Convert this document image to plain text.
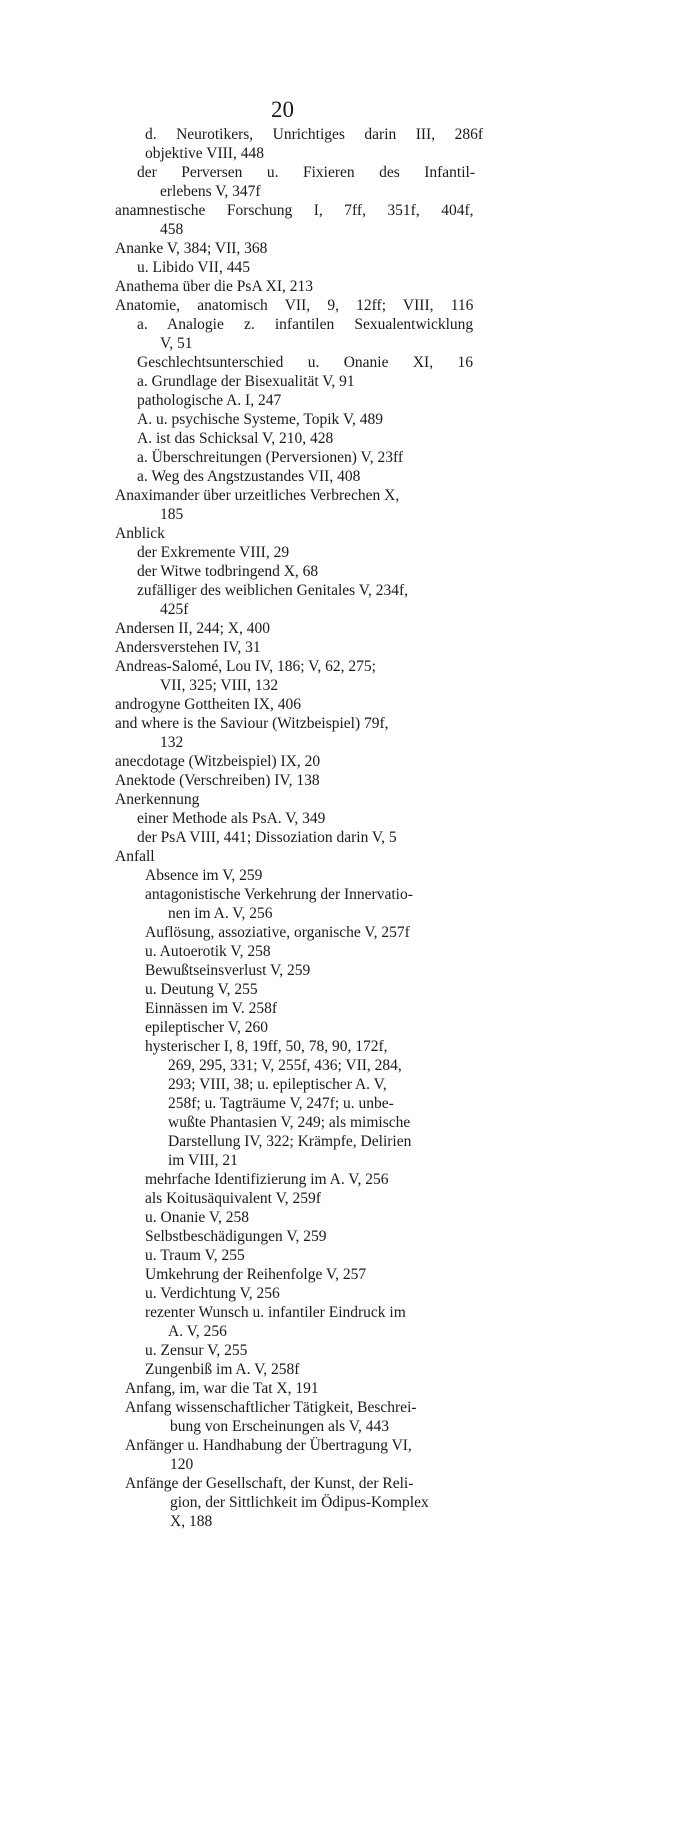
20
d. Neurotikers, Unrichtiges darin III, 286f
objektive VIII, 448
der Perversen u. Fixieren des Infantil-
erlebens V, 347f
anamnestische Forschung I, 7ff, 351f, 404f,
458
Ananke V, 384; VII, 368
u. Libido VII, 445
Anathema über die PsA XI, 213
Anatomie, anatomisch VII, 9, 12ff; VIII, 116
a. Analogie z. infantilen Sexualentwicklung
V, 51
Geschlechtsunterschied u. Onanie XI, 16
a. Grundlage der Bisexualität V, 91
pathologische A. I, 247
A. u. psychische Systeme, Topik V, 489
A. ist das Schicksal V, 210, 428
a. Überschreitungen (Perversionen) V, 23ff
a. Weg des Angstzustandes VII, 408
Anaximander über urzeitliches Verbrechen X,
185
Anblick
der Exkremente VIII, 29
der Witwe todbringend X, 68
zufälliger des weiblichen Genitales V, 234f,
425f
Andersen II, 244; X, 400
Andersverstehen IV, 31
Andreas-Salomé, Lou IV, 186; V, 62, 275;
VII, 325; VIII, 132
androgyne Gottheiten IX, 406
and where is the Saviour (Witzbeispiel) 79f,
132
anecdotage (Witzbeispiel) IX, 20
Anektode (Verschreiben) IV, 138
Anerkennung
einer Methode als PsA. V, 349
der PsA VIII, 441; Dissoziation darin V, 5
Anfall
Absence im V, 259
antagonistische Verkehrung der Innervatio-
nen im A. V, 256
Auflösung, assoziative, organische V, 257f
u. Autoerotik V, 258
Bewußtseinsverlust V, 259
u. Deutung V, 255
Einnässen im V. 258f
epileptischer V, 260
hysterischer I, 8, 19ff, 50, 78, 90, 172f,
269, 295, 331; V, 255f, 436; VII, 284,
293; VIII, 38; u. epileptischer A. V,
258f; u. Tagträume V, 247f; u. unbe-
wußte Phantasien V, 249; als mimische
Darstellung IV, 322; Krämpfe, Delirien
im VIII, 21
mehrfache Identifizierung im A. V, 256
als Koitusäquivalent V, 259f
u. Onanie V, 258
Selbstbeschädigungen V, 259
u. Traum V, 255
Umkehrung der Reihenfolge V, 257
u. Verdichtung V, 256
rezenter Wunsch u. infantiler Eindruck im
A. V, 256
u. Zensur V, 255
Zungenbiß im A. V, 258f
Anfang, im, war die Tat X, 191
Anfang wissenschaftlicher Tätigkeit, Beschrei-
bung von Erscheinungen als V, 443
Anfänger u. Handhabung der Übertragung VI,
120
Anfänge der Gesellschaft, der Kunst, der Reli-
gion, der Sittlichkeit im Ödipus-Komplex
X, 188
